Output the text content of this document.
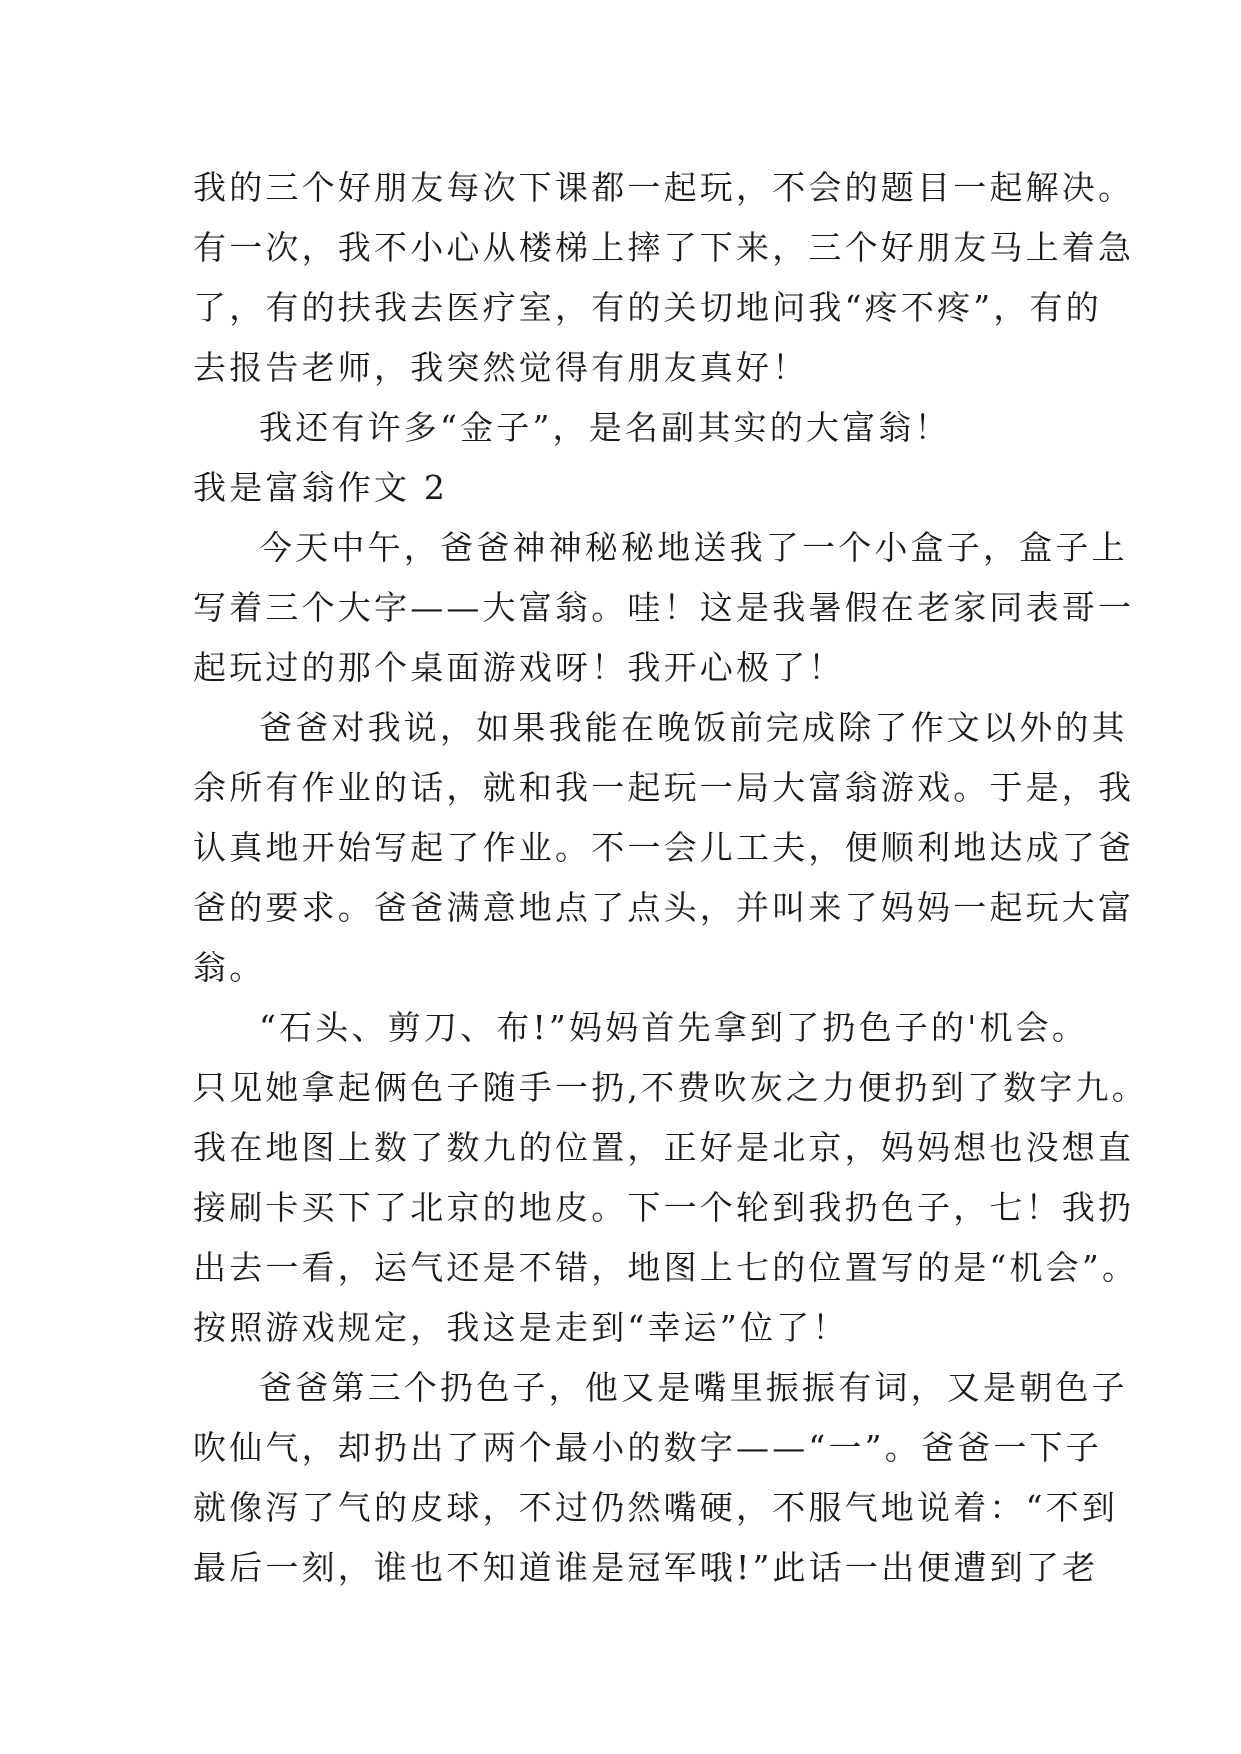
我的三个好朋友每次下课都一起玩，不会的题目一起解决。
有一次，我不小心从楼梯上摔了下来，三个好朋友马上着急
了，有的扶我去医疗室，有的关切地问我“疼不疼”，有的
去报告老师，我突然觉得有朋友真好！
我还有许多“金子”，是名副其实的大富翁！
我是富翁作文 2
今天中午，爸爸神神秘秘地送我了一个小盒子，盒子上
写着三个大字——大富翁。哇！这是我暑假在老家同表哥一
起玩过的那个桌面游戏呀！我开心极了！
爸爸对我说，如果我能在晚饭前完成除了作文以外的其
余所有作业的话，就和我一起玩一局大富翁游戏。于是，我
认真地开始写起了作业。不一会儿工夫，便顺利地达成了爸
爸的要求。爸爸满意地点了点头，并叫来了妈妈一起玩大富
翁。
“石头、剪刀、布!”妈妈首先拿到了扔色子的'机会。
只见她拿起俩色子随手一扔,不费吹灰之力便扔到了数字九。
我在地图上数了数九的位置，正好是北京，妈妈想也没想直
接刷卡买下了北京的地皮。下一个轮到我扔色子，七！我扔
出去一看，运气还是不错，地图上七的位置写的是“机会”。
按照游戏规定，我这是走到“幸运”位了！
爸爸第三个扔色子，他又是嘴里振振有词，又是朝色子
吹仙气，却扔出了两个最小的数字——“一”。爸爸一下子
就像泻了气的皮球，不过仍然嘴硬，不服气地说着：“不到
最后一刻，谁也不知道谁是冠军哦!”此话一出便遭到了老
